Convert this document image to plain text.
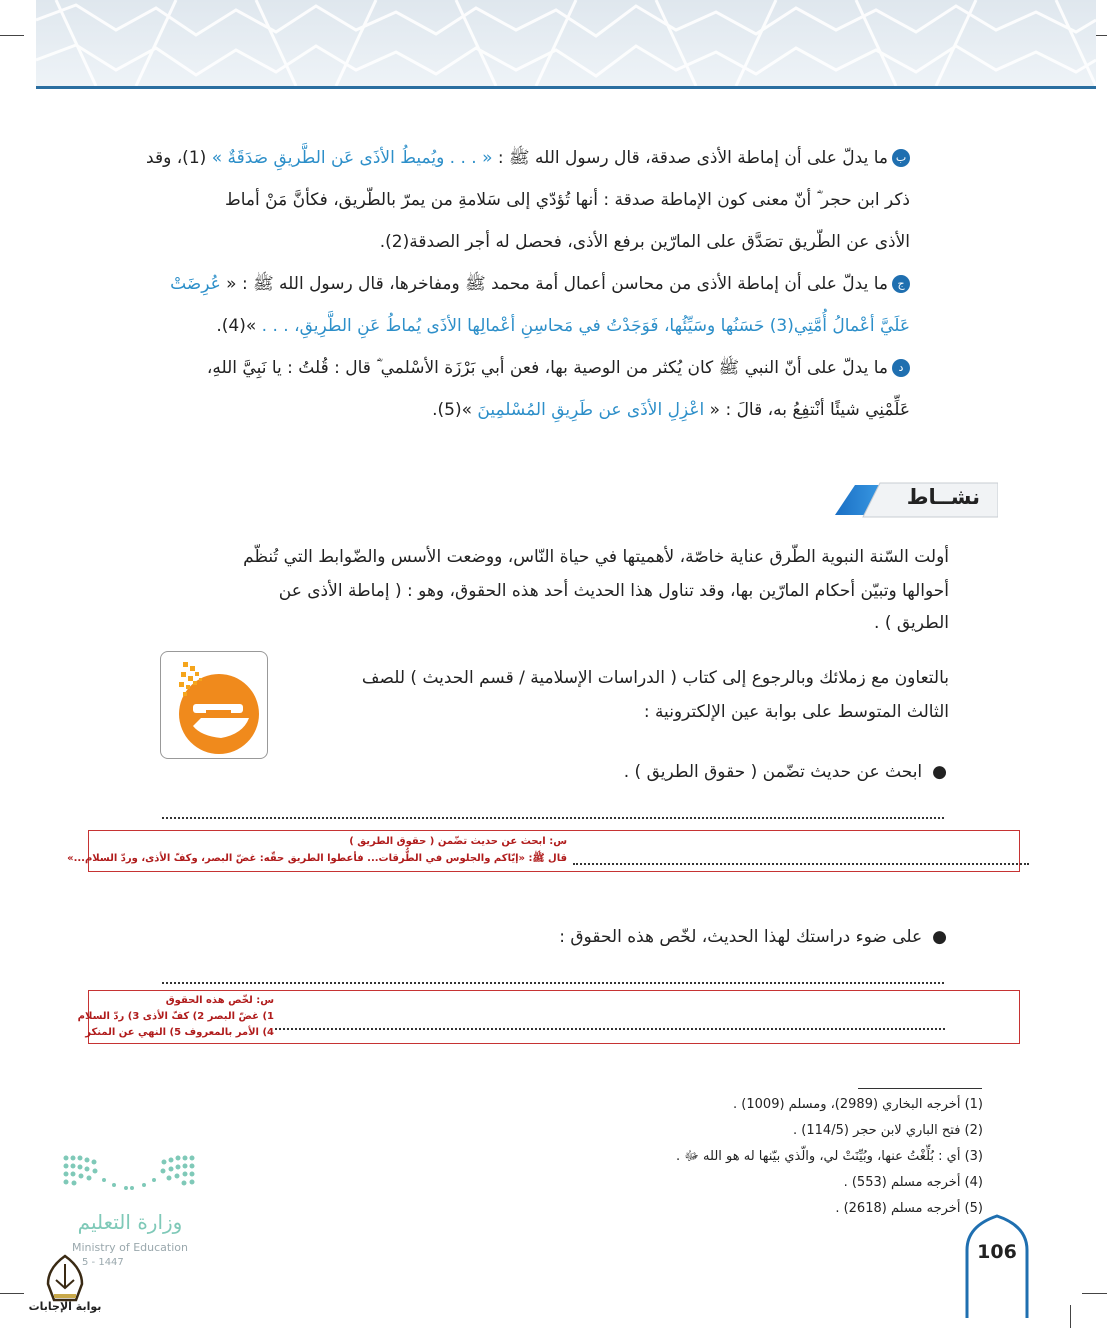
بما يدلّ على أن إماطة الأذى صدقة، قال رسول الله ﷺ : « . . . ويُميطُ الأذَى عَن الطَّريقِ صَدَقَةٌ » (1)، وقد
ذكر ابن حجر ؓ أنّ معنى كون الإماطة صدقة : أنها تُؤدّي إلى سَلامةِ من يمرّ بالطّريق، فكأنَّ مَنْ أماط
الأذى عن الطّريق تصَدَّق على المارّين برفع الأذى، فحصل له أجر الصدقة(2).
جما يدلّ على أن إماطة الأذى من محاسن أعمال أمة محمد ﷺ ومفاخرها، قال رسول الله ﷺ : « عُرِضَتْ
عَلَيَّ أعْمالُ أُمَّتِي(3) حَسَنُها وسَيِّئُها، فَوَجَدْتُ في مَحاسِنِ أعْمالِها الأذَى يُماطُ عَنِ الطَّرِيقِ، . . . »(4).
دما يدلّ على أنّ النبي ﷺ كان يُكثر من الوصية بها، فعن أبي بَرْزَة الأسْلمي ؓ قال : قُلتُ : يا نَبِيَّ اللهِ،
عَلِّمْنِي شيئًا أنْتفِعُ به، قالَ : « اعْزِلِ الأذَى عن طَرِيقِ المُسْلمِينَ »(5).
نشــاط
أولت السّنة النبوية الطّرق عناية خاصّة، لأهميتها في حياة النّاس، ووضعت الأسس والضّوابط التي تُنظّم
أحوالها وتبيّن أحكام المارّين بها، وقد تناول هذا الحديث أحد هذه الحقوق، وهو : ( إماطة الأذى عن
الطريق ) .
بالتعاون مع زملائك وبالرجوع إلى كتاب ( الدراسات الإسلامية / قسم الحديث ) للصف
الثالث المتوسط على بوابة عين الإلكترونية :
●ابحث عن حديث تضّمن ( حقوق الطريق ) .
س: ابحث عن حديث تضّمن ( حقوق الطريق )
قال ﷺ: «إيّاكم والجلوس في الطُّرقات... فأعطوا الطريق حقّه: غضّ البصر، وكفّ الأذى، وردّ السلام...»
●على ضوء دراستك لهذا الحديث، لخّص هذه الحقوق :
س: لخّص هذه الحقوق
1) غضّ البصر 2) كفّ الأذى 3) ردّ السلام
4) الأمر بالمعروف 5) النهي عن المنكر
(1) أخرجه البخاري (2989)، ومسلم (1009) .
(2) فتح الباري لابن حجر (114/5) .
(3) أي : بُلِّغْتُ عنها، وبُيِّنَتْ لي، والّذي بيّنها له هو الله ﷻ .
(4) أخرجه مسلم (553) .
(5) أخرجه مسلم (2618) .
106
وزارة التعليم
Ministry of Education
5 - 1447
بوابة الإجابات
